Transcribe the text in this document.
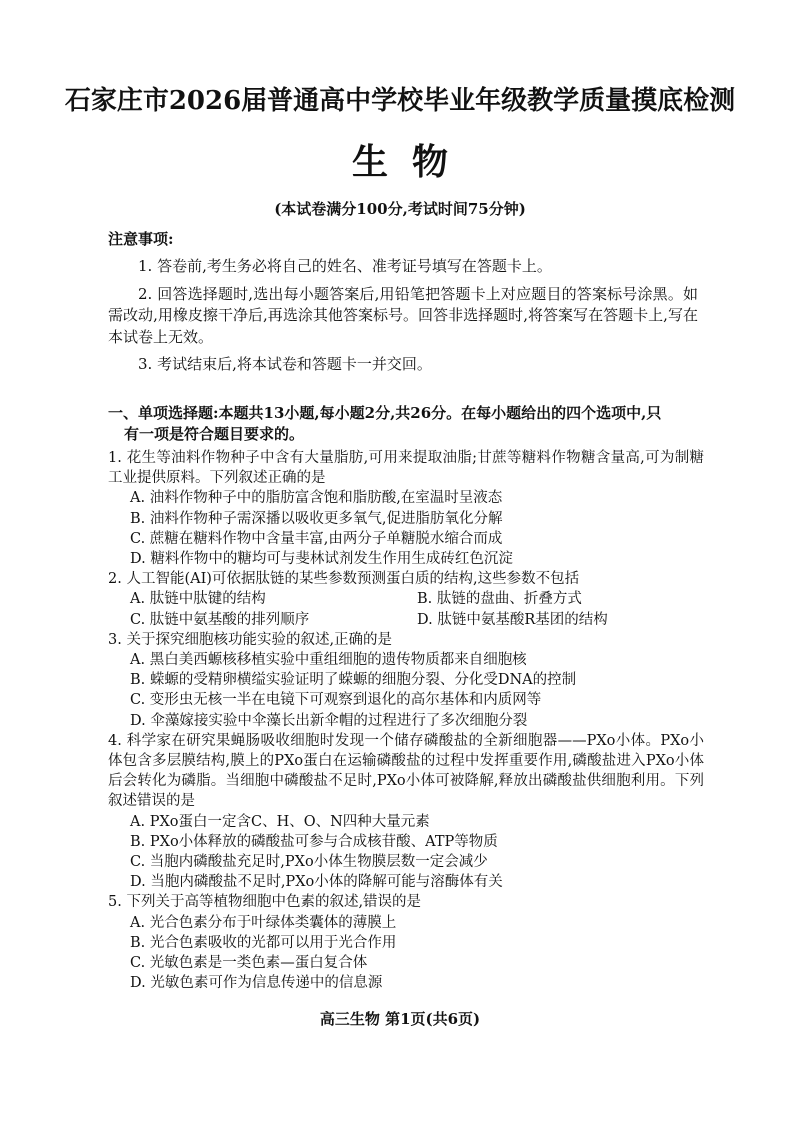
石家庄市2026届普通高中学校毕业年级教学质量摸底检测
生物
(本试卷满分100分,考试时间75分钟)
注意事项:

1. 答卷前,考生务必将自己的姓名、准考证号填写在答题卡上。

2. 回答选择题时,选出每小题答案后,用铅笔把答题卡上对应题目的答案标号涂黑。如需改动,用橡皮擦干净后,再选涂其他答案标号。回答非选择题时,将答案写在答题卡上,写在本试卷上无效。

3. 考试结束后,将本试卷和答题卡一并交回。

一、单项选择题:本题共13小题,每小题2分,共26分。在每小题给出的四个选项中,只
有一项是符合题目要求的。
1. 花生等油料作物种子中含有大量脂肪,可用来提取油脂;甘蔗等糖料作物糖含量高,可为制糖工业提供原料。下列叙述正确的是
A. 油料作物种子中的脂肪富含饱和脂肪酸,在室温时呈液态
B. 油料作物种子需深播以吸收更多氧气,促进脂肪氧化分解
C. 蔗糖在糖料作物中含量丰富,由两分子单糖脱水缩合而成
D. 糖料作物中的糖均可与斐林试剂发生作用生成砖红色沉淀
2. 人工智能(AI)可依据肽链的某些参数预测蛋白质的结构,这些参数不包括
A. 肽链中肽键的结构	B. 肽链的盘曲、折叠方式
C. 肽链中氨基酸的排列顺序	D. 肽链中氨基酸R基团的结构
3. 关于探究细胞核功能实验的叙述,正确的是
A. 黑白美西螈核移植实验中重组细胞的遗传物质都来自细胞核
B. 蝾螈的受精卵横缢实验证明了蝾螈的细胞分裂、分化受DNA的控制
C. 变形虫无核一半在电镜下可观察到退化的高尔基体和内质网等
D. 伞藻嫁接实验中伞藻长出新伞帽的过程进行了多次细胞分裂
4. 科学家在研究果蝇肠吸收细胞时发现一个储存磷酸盐的全新细胞器——PXo小体。PXo小体包含多层膜结构,膜上的PXo蛋白在运输磷酸盐的过程中发挥重要作用,磷酸盐进入PXo小体后会转化为磷脂。当细胞中磷酸盐不足时,PXo小体可被降解,释放出磷酸盐供细胞利用。下列叙述错误的是
A. PXo蛋白一定含C、H、O、N四种大量元素
B. PXo小体释放的磷酸盐可参与合成核苷酸、ATP等物质
C. 当胞内磷酸盐充足时,PXo小体生物膜层数一定会减少
D. 当胞内磷酸盐不足时,PXo小体的降解可能与溶酶体有关
5. 下列关于高等植物细胞中色素的叙述,错误的是
A. 光合色素分布于叶绿体类囊体的薄膜上
B. 光合色素吸收的光都可以用于光合作用
C. 光敏色素是一类色素—蛋白复合体
D. 光敏色素可作为信息传递中的信息源
高三生物 第1页(共6页)
